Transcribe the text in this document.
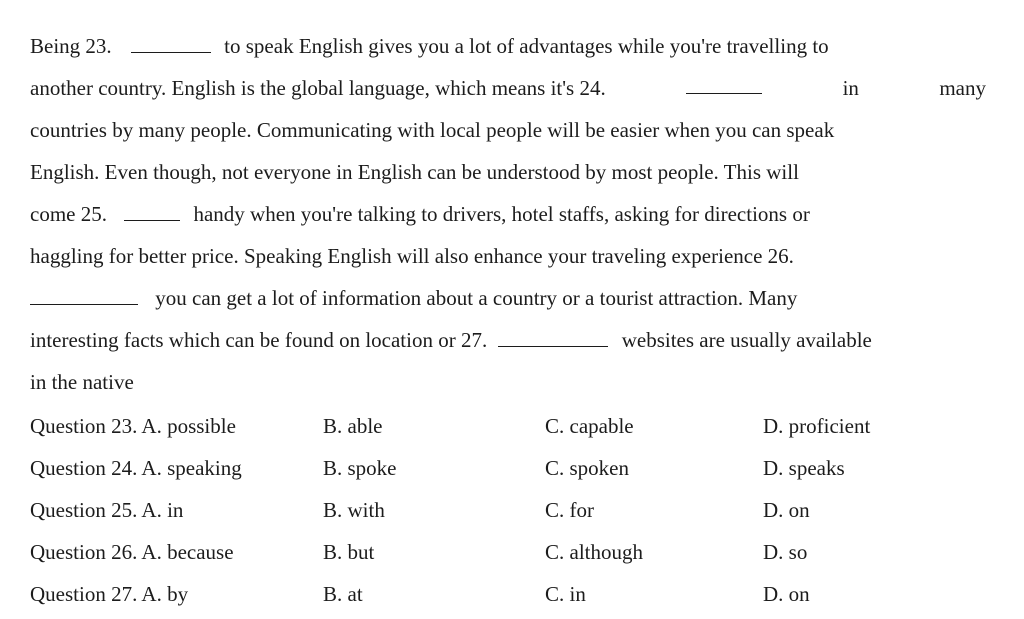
Being 23.	to speak English gives you a lot of advantages while you're travelling to
another country. English is the global language, which means it's 24.	in	many
countries by many people. Communicating with local people will be easier when you can speak
English. Even though, not everyone in English can be understood by most people. This will
come 25.	handy when you're talking to drivers, hotel staffs, asking for directions or
haggling for better price. Speaking English will also enhance your traveling experience 26.
you can get a lot of information about a country or a tourist attraction. Many
interesting facts which can be found on location or 27.	websites are usually available
in the native
Question 23. A. possible	B. able	C. capable	D. proficient
Question 24. A. speaking	B. spoke	C. spoken	D. speaks
Question 25. A. in	B. with	C. for	D. on
Question 26. A. because	B. but	C. although	D. so
Question 27. A. by	B. at	C. in	D. on
